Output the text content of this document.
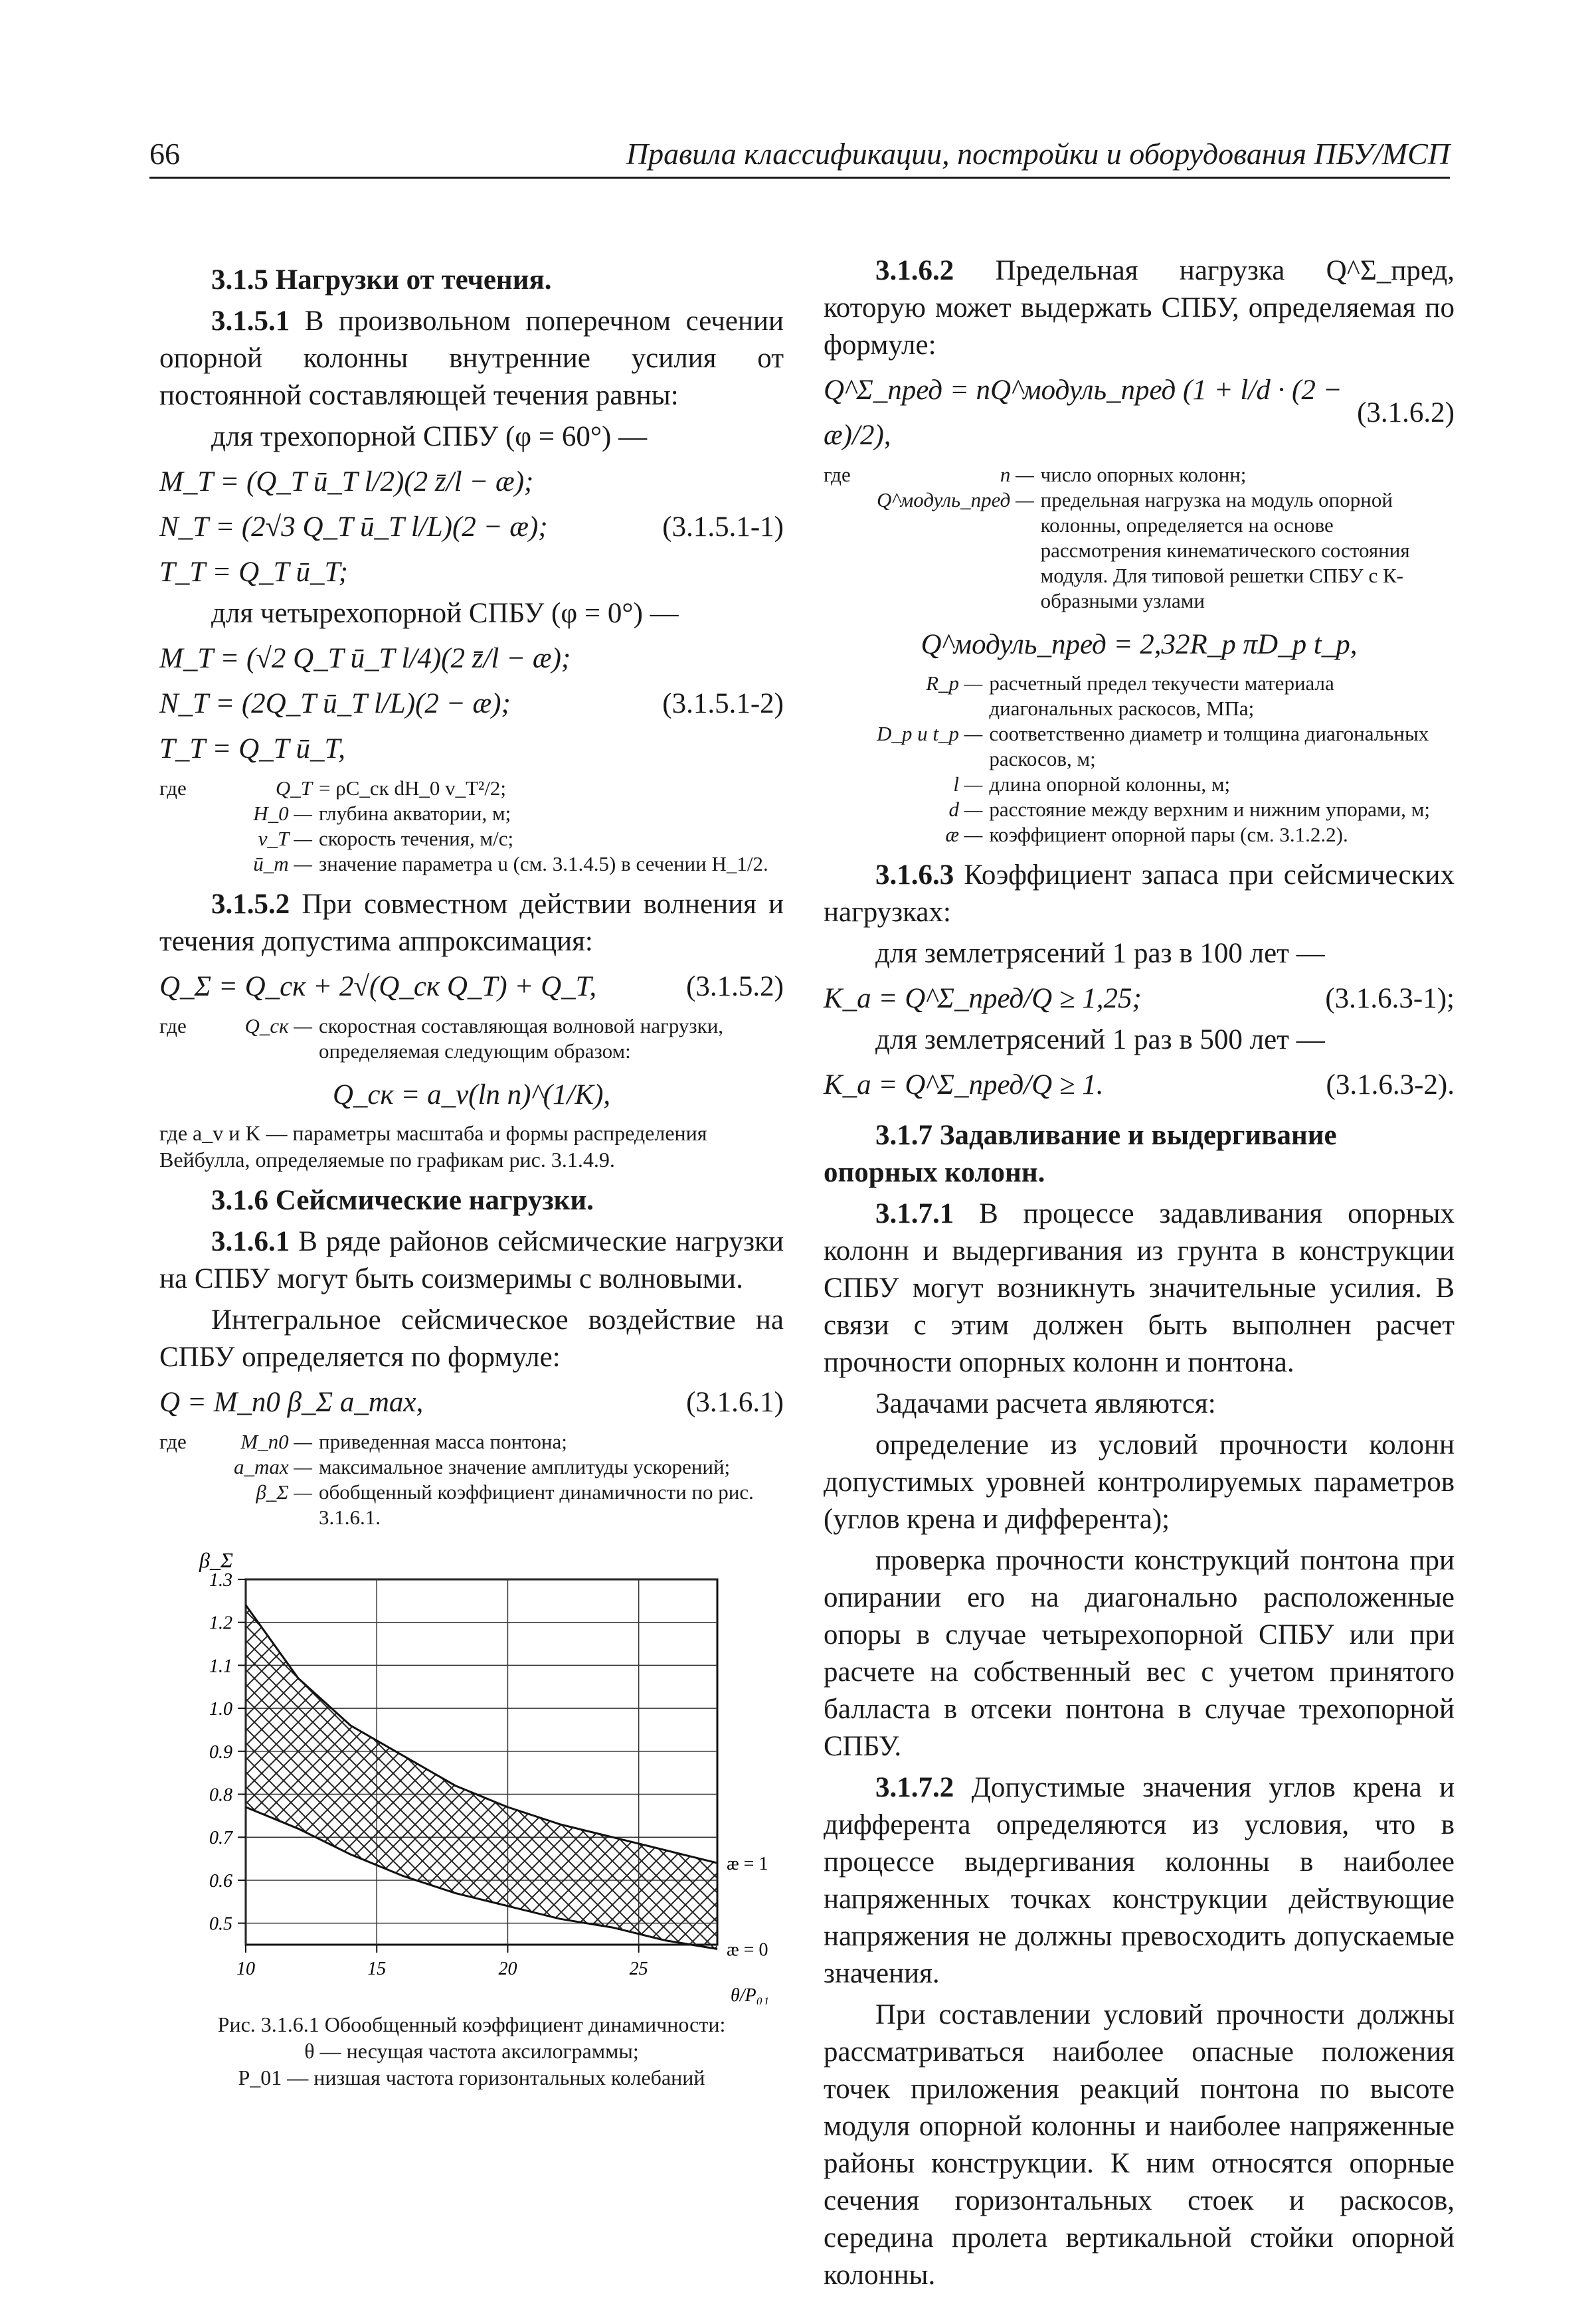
66	Правила классификации, постройки и оборудования ПБУ/МСП
3.1.5 Нагрузки от течения.

3.1.5.1 В произвольном поперечном сечении опорной колонны внутренние усилия от постоянной составляющей течения равны:

для трехопорной СПБУ (φ = 60°) —

M_T = (Q_T ū_T l/2)(2 z̄/l − æ);
N_T = (2√3 Q_T ū_T l/L)(2 − æ);	(3.1.5.1-1)
T_T = Q_T ū_T;

для четырехопорной СПБУ (φ = 0°) —

M_T = (√2 Q_T ū_T l/4)(2 z̄/l − æ);
N_T = (2Q_T ū_T l/L)(2 − æ);	(3.1.5.1-2)
T_T = Q_T ū_T,
где	Q_T	= ρC_ск dH_0 v_T²/2;
	H_0 —	глубина акватории, м;
	v_T —	скорость течения, м/с;
	ū_т —	значение параметра u (см. 3.1.4.5) в сечении H_1/2.

3.1.5.2 При совместном действии волнения и течения допустима аппроксимация:

Q_Σ = Q_ск + 2√(Q_ск Q_T) + Q_T,	(3.1.5.2)
где	Q_ск —	скоростная составляющая волновой нагрузки, определяемая следующим образом:
Q_ск = a_v(ln n)^(1/K),

где a_v и K — параметры масштаба и формы распределения Вейбулла, определяемые по графикам рис. 3.1.4.9.

3.1.6 Сейсмические нагрузки.

3.1.6.1 В ряде районов сейсмические нагрузки на СПБУ могут быть соизмеримы с волновыми.

Интегральное сейсмическое воздействие на СПБУ определяется по формуле:

Q = M_п0 β_Σ a_max,	(3.1.6.1)
где	M_п0 —	приведенная масса понтона;
	a_max —	максимальное значение амплитуды ускорений;
	β_Σ —	обобщенный коэффициент динамичности по рис. 3.1.6.1.
0.5
0.6
0.7
0.8
0.9
1.0
1.1
1.2
1.3
10	15	20	25
β_Σ
θ/P₀₁
æ = 1
æ = 0
Рис. 3.1.6.1 Обообщенный коэффициент динамичности:
θ — несущая частота аксилограммы;
P_01 — низшая частота горизонтальных колебаний

3.1.6.2 Предельная нагрузка Q^Σ_пред, которую может выдержать СПБУ, определяемая по формуле:

Q^Σ_пред = nQ^модуль_пред (1 + l/d · (2 − æ)/2),
(3.1.6.2)
где	n —	число опорных колонн;
	Q^модуль_пред —	предельная нагрузка на модуль опорной колонны, определяется на основе рассмотрения кинематического состояния модуля. Для типовой решетки СПБУ с К-образными узлами
Q^модуль_пред = 2,32R_p πD_p t_p,
	R_p —	расчетный предел текучести материала диагональных раскосов, МПа;
	D_p и t_p —	соответственно диаметр и толщина диагональных раскосов, м;
	l —	длина опорной колонны, м;
	d —	расстояние между верхним и нижним упорами, м;
	æ —	коэффициент опорной пары (см. 3.1.2.2).

3.1.6.3 Коэффициент запаса при сейсмических нагрузках:

для землетрясений 1 раз в 100 лет —

K_a = Q^Σ_пред/Q ≥ 1,25;	(3.1.6.3-1);

для землетрясений 1 раз в 500 лет —

K_a = Q^Σ_пред/Q ≥ 1.	(3.1.6.3-2).
3.1.7 Задавливание и выдергивание опорных колонн.

3.1.7.1 В процессе задавливания опорных колонн и выдергивания из грунта в конструкции СПБУ могут возникнуть значительные усилия. В связи с этим должен быть выполнен расчет прочности опорных колонн и понтона.

Задачами расчета являются:

определение из условий прочности колонн допустимых уровней контролируемых параметров (углов крена и дифферента);

проверка прочности конструкций понтона при опирании его на диагонально расположенные опоры в случае четырехопорной СПБУ или при расчете на собственный вес с учетом принятого балласта в отсеки понтона в случае трехопорной СПБУ.

3.1.7.2 Допустимые значения углов крена и дифферента определяются из условия, что в процессе выдергивания колонны в наиболее напряженных точках конструкции действующие напряжения не должны превосходить допускаемые значения.

При составлении условий прочности должны рассматриваться наиболее опасные положения точек приложения реакций понтона по высоте модуля опорной колонны и наиболее напряженные районы конструкции. К ним относятся опорные сечения горизонтальных стоек и раскосов, середина пролета вертикальной стойки опорной колонны.
